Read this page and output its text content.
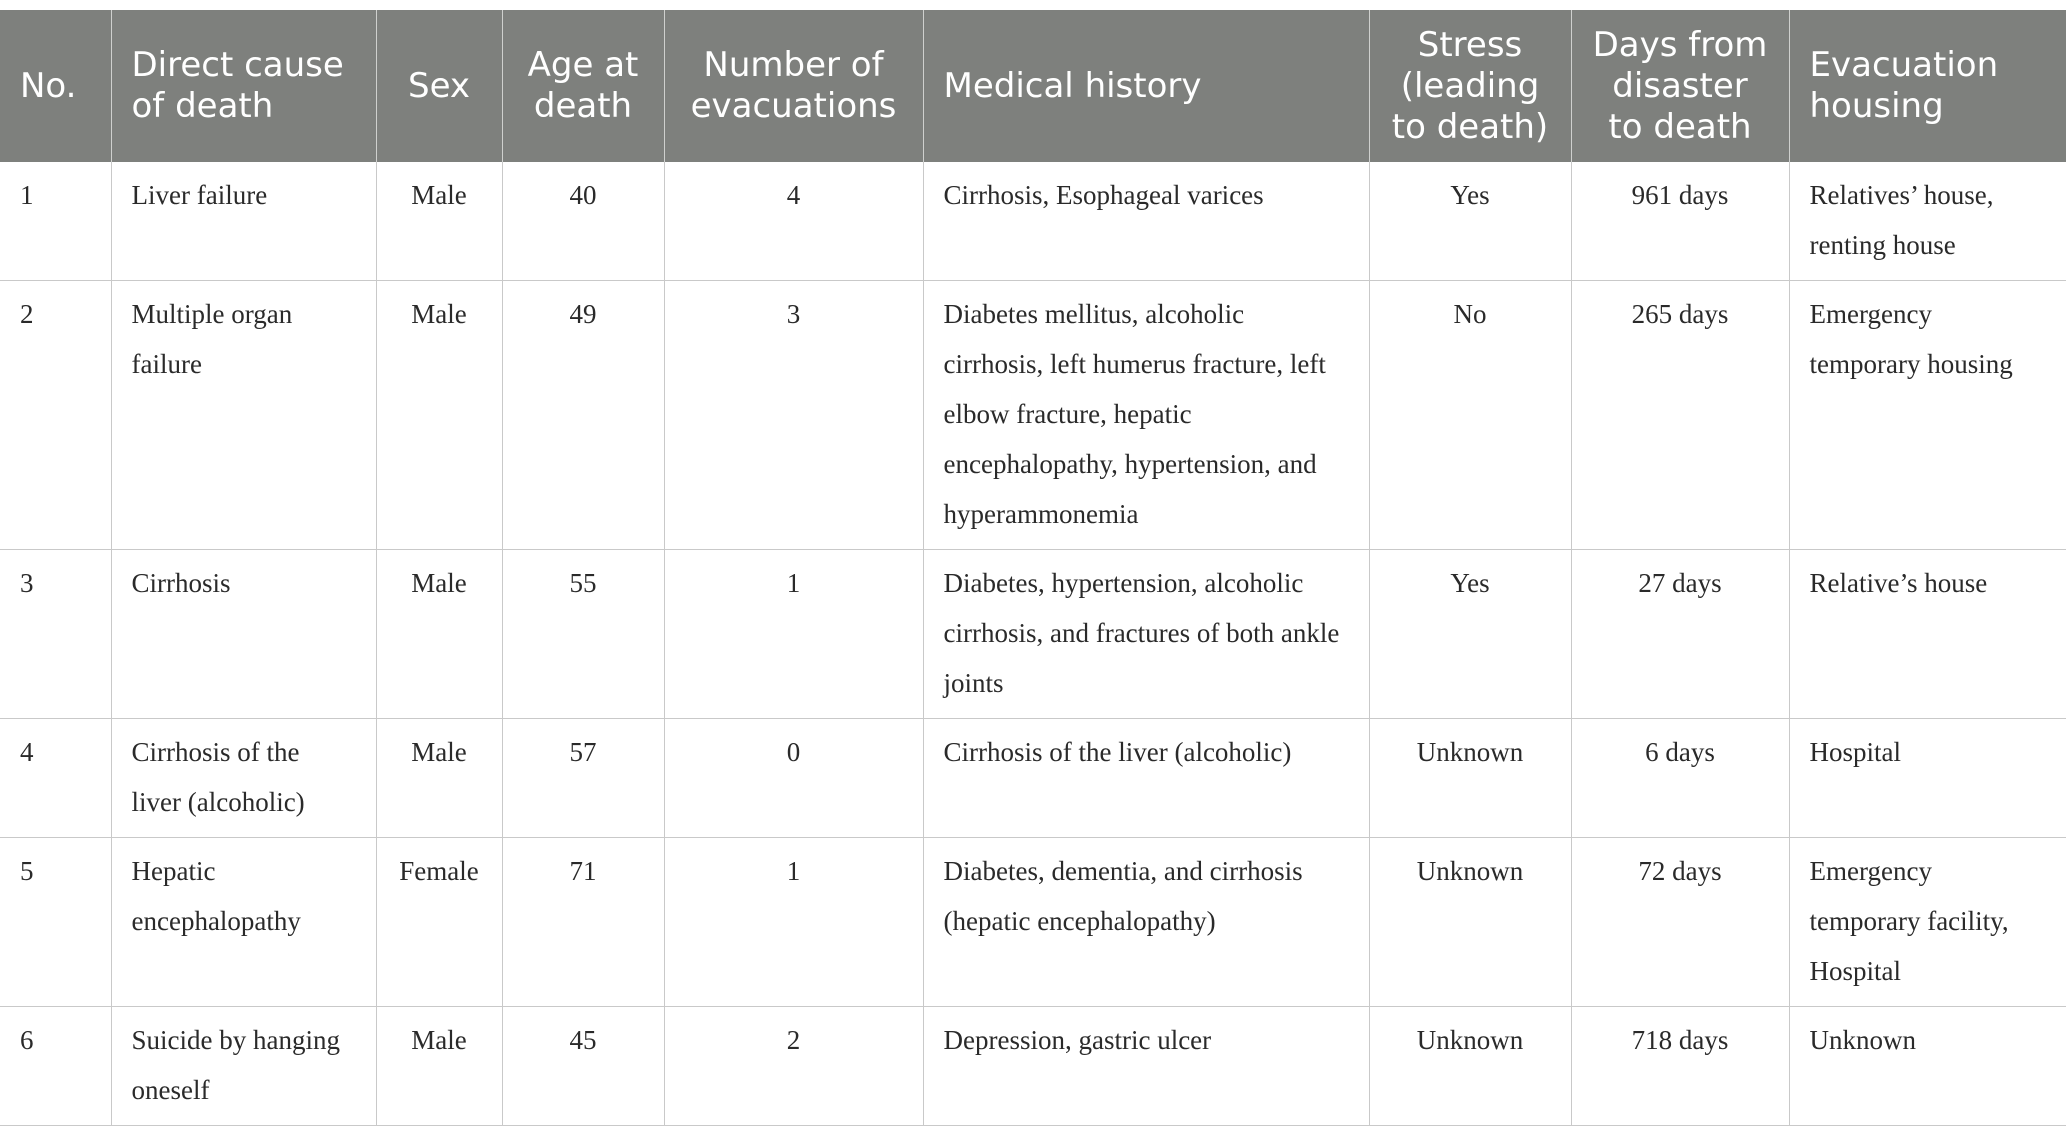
No.	Direct cause of death	Sex	Age at death	Number of evacuations	Medical history	Stress (leading to death)	Days from disaster to death	Evacuation housing
1	Liver failure	Male	40	4	Cirrhosis, Esophageal varices	Yes	961 days	Relatives’ house, renting house
2	Multiple organ failure	Male	49	3	Diabetes mellitus, alcoholic cirrhosis, left humerus fracture, left elbow fracture, hepatic encephalopathy, hypertension, and hyperammonemia	No	265 days	Emergency temporary housing
3	Cirrhosis	Male	55	1	Diabetes, hypertension, alcoholic cirrhosis, and fractures of both ankle joints	Yes	27 days	Relative’s house
4	Cirrhosis of the liver (alcoholic)	Male	57	0	Cirrhosis of the liver (alcoholic)	Unknown	6 days	Hospital
5	Hepatic encephalopathy	Female	71	1	Diabetes, dementia, and cirrhosis (hepatic encephalopathy)	Unknown	72 days	Emergency temporary facility, Hospital
6	Suicide by hanging oneself	Male	45	2	Depression, gastric ulcer	Unknown	718 days	Unknown
